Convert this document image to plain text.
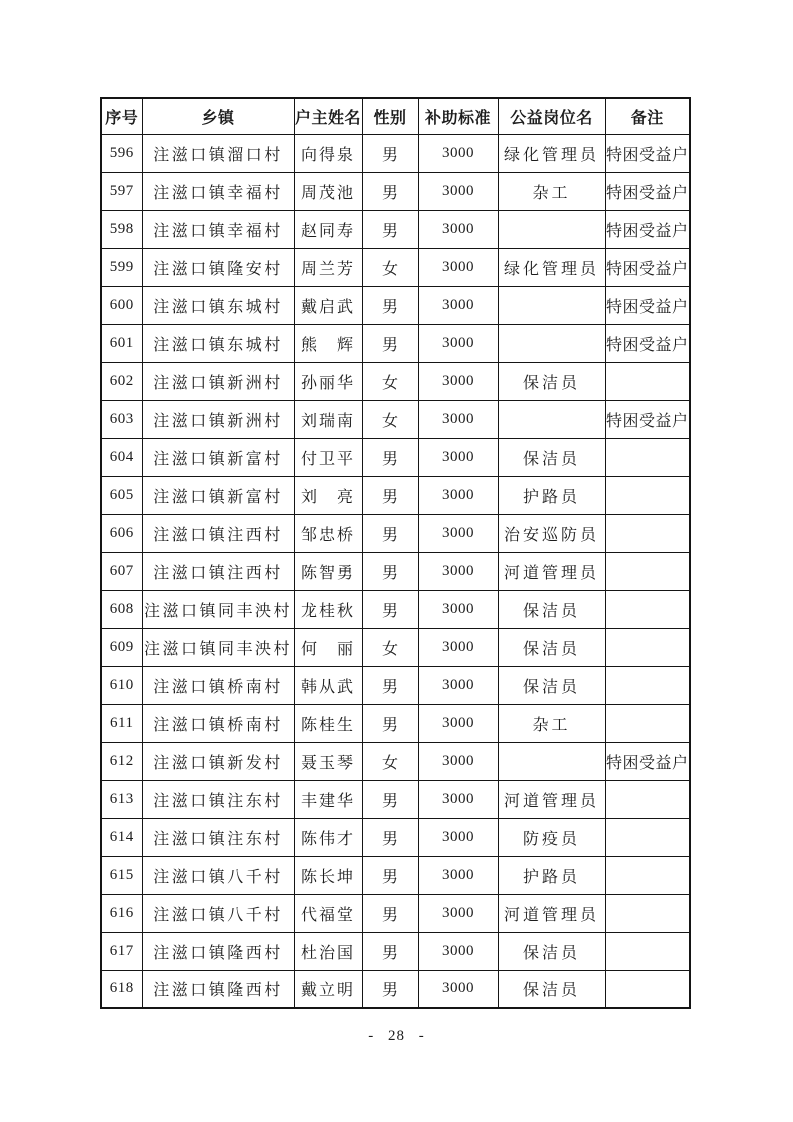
序号	乡镇	户主姓名	性别	补助标准	公益岗位名	备注
596	注滋口镇溜口村	向得泉	男	3000	绿化管理员	特困受益户
597	注滋口镇幸福村	周茂池	男	3000	杂工	特困受益户
598	注滋口镇幸福村	赵同寿	男	3000		特困受益户
599	注滋口镇隆安村	周兰芳	女	3000	绿化管理员	特困受益户
600	注滋口镇东城村	戴启武	男	3000		特困受益户
601	注滋口镇东城村	熊　辉	男	3000		特困受益户
602	注滋口镇新洲村	孙丽华	女	3000	保洁员	
603	注滋口镇新洲村	刘瑞南	女	3000		特困受益户
604	注滋口镇新富村	付卫平	男	3000	保洁员	
605	注滋口镇新富村	刘　亮	男	3000	护路员	
606	注滋口镇注西村	邹忠桥	男	3000	治安巡防员	
607	注滋口镇注西村	陈智勇	男	3000	河道管理员	
608	注滋口镇同丰泱村	龙桂秋	男	3000	保洁员	
609	注滋口镇同丰泱村	何　丽	女	3000	保洁员	
610	注滋口镇桥南村	韩从武	男	3000	保洁员	
611	注滋口镇桥南村	陈桂生	男	3000	杂工	
612	注滋口镇新发村	聂玉琴	女	3000		特困受益户
613	注滋口镇注东村	丰建华	男	3000	河道管理员	
614	注滋口镇注东村	陈伟才	男	3000	防疫员	
615	注滋口镇八千村	陈长坤	男	3000	护路员	
616	注滋口镇八千村	代福堂	男	3000	河道管理员	
617	注滋口镇隆西村	杜治国	男	3000	保洁员	
618	注滋口镇隆西村	戴立明	男	3000	保洁员	
- 28 -
